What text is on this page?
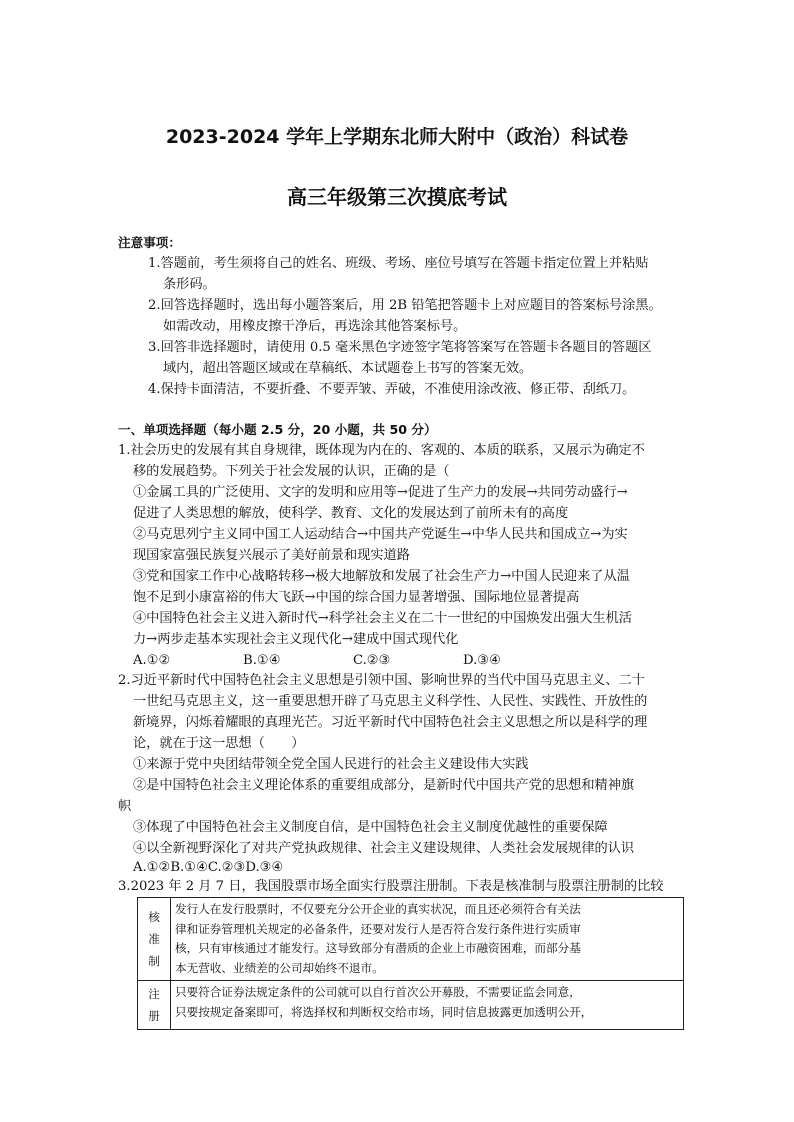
2023-2024 学年上学期东北师大附中（政治）科试卷
高三年级第三次摸底考试
注意事项：
1.答题前，考生须将自己的姓名、班级、考场、座位号填写在答题卡指定位置上并粘贴
条形码。
2.回答选择题时，选出每小题答案后，用 2B 铅笔把答题卡上对应题目的答案标号涂黑。
如需改动，用橡皮擦干净后，再选涂其他答案标号。
3.回答非选择题时，请使用 0.5 毫米黑色字迹签字笔将答案写在答题卡各题目的答题区
域内，超出答题区域或在草稿纸、本试题卷上书写的答案无效。
4.保持卡面清洁，不要折叠、不要弄皱、弄破，不准使用涂改液、修正带、刮纸刀。
一、单项选择题（每小题 2.5 分，20 小题，共 50 分）
1.社会历史的发展有其自身规律，既体现为内在的、客观的、本质的联系，又展示为确定不
移的发展趋势。下列关于社会发展的认识，正确的是（
①金属工具的广泛使用、文字的发明和应用等→促进了生产力的发展→共同劳动盛行→
促进了人类思想的解放，使科学、教育、文化的发展达到了前所未有的高度
②马克思列宁主义同中国工人运动结合→中国共产党诞生→中华人民共和国成立→为实
现国家富强民族复兴展示了美好前景和现实道路
③党和国家工作中心战略转移→极大地解放和发展了社会生产力→中国人民迎来了从温
饱不足到小康富裕的伟大飞跃→中国的综合国力显著增强、国际地位显著提高
④中国特色社会主义进入新时代→科学社会主义在二十一世纪的中国焕发出强大生机活
力→两步走基本实现社会主义现代化→建成中国式现代化
A.①②	B.①④	C.②③	D.③④
2.习近平新时代中国特色社会主义思想是引领中国、影响世界的当代中国马克思主义、二十
一世纪马克思主义，这一重要思想开辟了马克思主义科学性、人民性、实践性、开放性的
新境界，闪烁着耀眼的真理光芒。习近平新时代中国特色社会主义思想之所以是科学的理
论，就在于这一思想（　　）
①来源于党中央团结带领全党全国人民进行的社会主义建设伟大实践
②是中国特色社会主义理论体系的重要组成部分，是新时代中国共产党的思想和精神旗
帜
③体现了中国特色社会主义制度自信，是中国特色社会主义制度优越性的重要保障
④以全新视野深化了对共产党执政规律、社会主义建设规律、人类社会发展规律的认识
A.①②B.①④C.②③D.③④
3.2023 年 2 月 7 日，我国股票市场全面实行股票注册制。下表是核准制与股票注册制的比较
核
准
制	发行人在发行股票时，不仅要充分公开企业的真实状况，而且还必须符合有关法
律和证券管理机关规定的必备条件，还要对发行人是否符合发行条件进行实质审
核，只有审核通过才能发行。这导致部分有潜质的企业上市融资困难，而部分基
本无营收、业绩差的公司却始终不退市。

注
册	只要符合证券法规定条件的公司就可以自行首次公开募股，不需要证监会同意，
只要按规定备案即可，将选择权和判断权交给市场，同时信息披露更加透明公开，
